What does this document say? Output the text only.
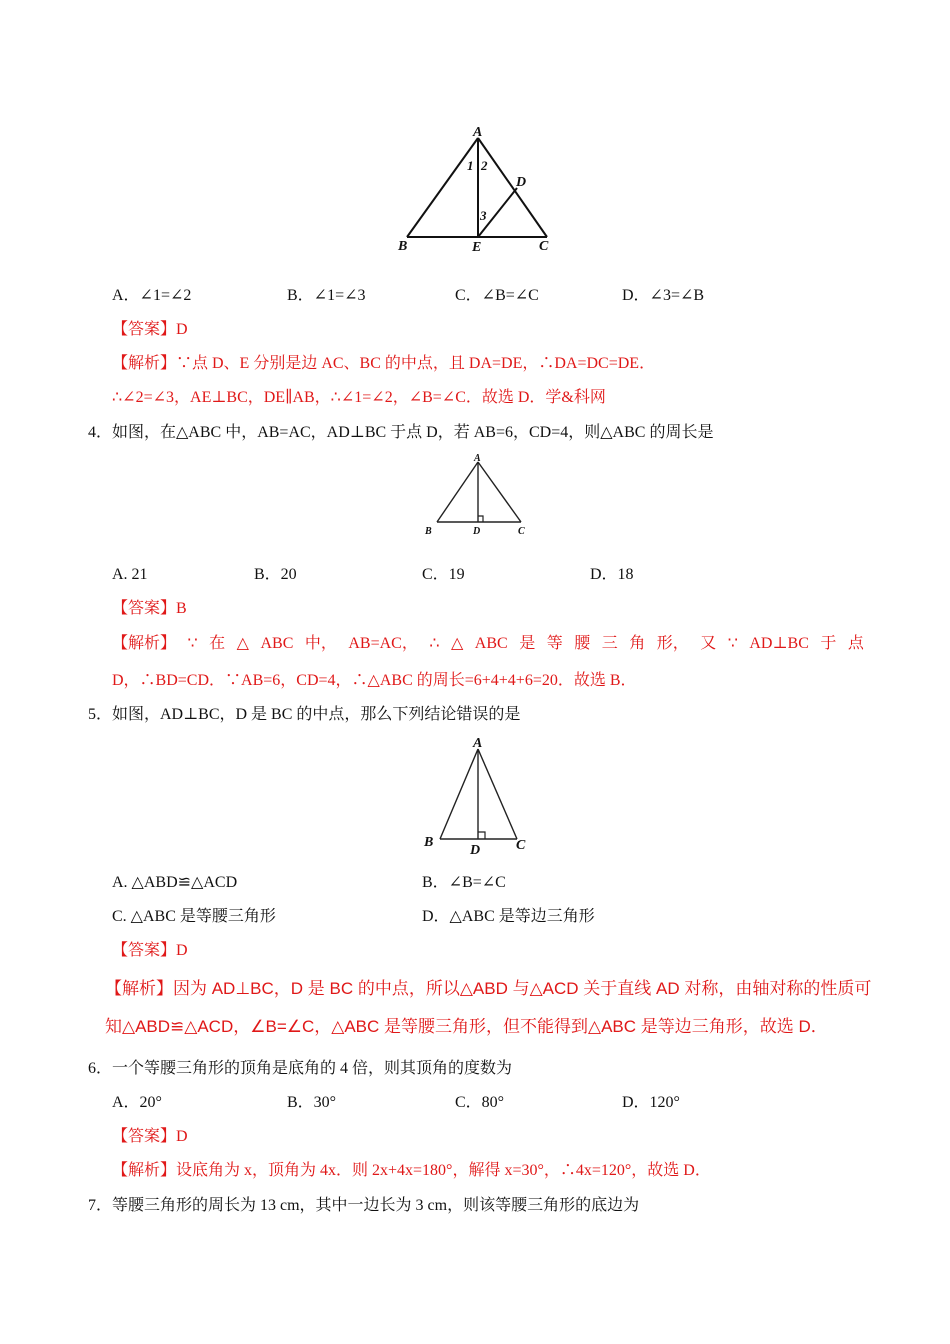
A
B	C
D
E
1 2
3
A．∠1=∠2	B．∠1=∠3	C．∠B=∠C	D．∠3=∠B
【答案】D
【解析】∵点 D、E 分别是边 AC、BC 的中点，且 DA=DE，∴DA=DC=DE．
∴∠2=∠3，AE⊥BC，DE∥AB，∴∠1=∠2，∠B=∠C．故选 D．学&科网
4．如图，在△ABC 中，AB=AC，AD⊥BC 于点 D，若 AB=6，CD=4，则△ABC 的周长是
A
B	D	C
A. 21	B．20	C．19	D．18
【答案】B
【解析】 ∵ 在 △ ABC 中， AB=AC， ∴ △ ABC 是 等 腰 三 角 形， 又 ∵ AD⊥BC 于 点
D，∴BD=CD．∵AB=6，CD=4，∴△ABC 的周长=6+4+4+6=20．故选 B．
5．如图，AD⊥BC，D 是 BC 的中点，那么下列结论错误的是
A
B
D	C
A. △ABD≌△ACD	B．∠B=∠C
C. △ABC 是等腰三角形	D．△ABC 是等边三角形
【答案】D
【解析】因为 AD⊥BC，D 是 BC 的中点，所以△ABD 与△ACD 关于直线 AD 对称，由轴对称的性质可
知△ABD≌△ACD，∠B=∠C，△ABC 是等腰三角形，但不能得到△ABC 是等边三角形，故选 D．
6．一个等腰三角形的顶角是底角的 4 倍，则其顶角的度数为
A．20°	B．30°	C．80°	D．120°
【答案】D
【解析】设底角为 x，顶角为 4x．则 2x+4x=180°，解得 x=30°，∴4x=120°，故选 D．
7．等腰三角形的周长为 13 cm，其中一边长为 3 cm，则该等腰三角形的底边为
